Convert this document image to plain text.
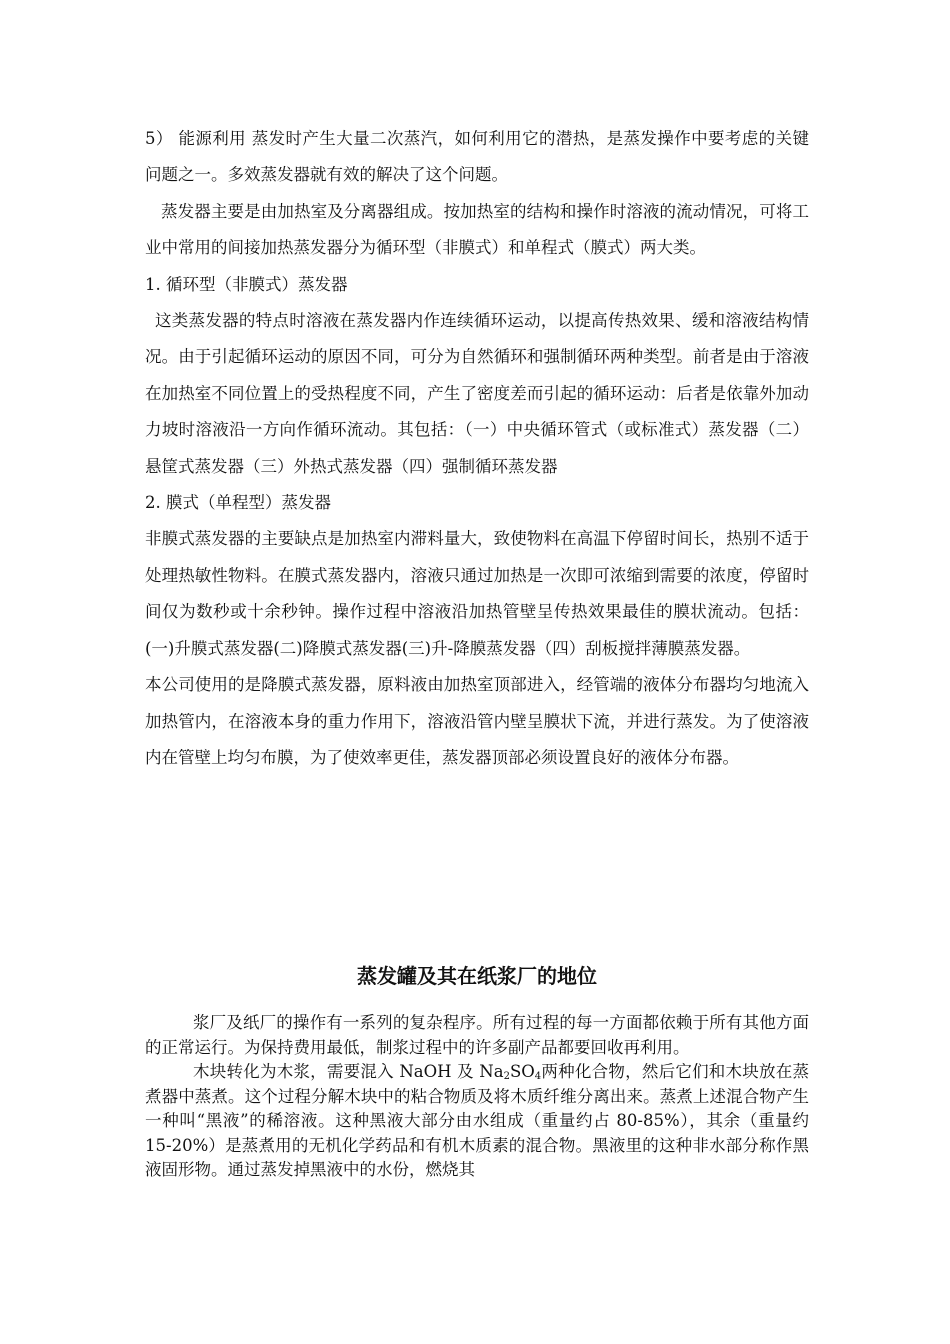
5） 能源利用 蒸发时产生大量二次蒸汽，如何利用它的潜热，是蒸发操作中要考虑的关键问题之一。多效蒸发器就有效的解决了这个问题。

蒸发器主要是由加热室及分离器组成。按加热室的结构和操作时溶液的流动情况，可将工业中常用的间接加热蒸发器分为循环型（非膜式）和单程式（膜式）两大类。

1. 循环型（非膜式）蒸发器

这类蒸发器的特点时溶液在蒸发器内作连续循环运动，以提高传热效果、缓和溶液结构情况。由于引起循环运动的原因不同，可分为自然循环和强制循环两种类型。前者是由于溶液在加热室不同位置上的受热程度不同，产生了密度差而引起的循环运动：后者是依靠外加动力坡时溶液沿一方向作循环流动。其包括：（一）中央循环管式（或标准式）蒸发器（二）悬筐式蒸发器（三）外热式蒸发器（四）强制循环蒸发器

2. 膜式（单程型）蒸发器

非膜式蒸发器的主要缺点是加热室内滞料量大，致使物料在高温下停留时间长，热别不适于处理热敏性物料。在膜式蒸发器内，溶液只通过加热是一次即可浓缩到需要的浓度，停留时间仅为数秒或十余秒钟。操作过程中溶液沿加热管壁呈传热效果最佳的膜状流动。包括：(一)升膜式蒸发器(二)降膜式蒸发器(三)升-降膜蒸发器（四）刮板搅拌薄膜蒸发器。

本公司使用的是降膜式蒸发器，原料液由加热室顶部进入，经管端的液体分布器均匀地流入加热管内，在溶液本身的重力作用下，溶液沿管内壁呈膜状下流，并进行蒸发。为了使溶液内在管壁上均匀布膜，为了使效率更佳，蒸发器顶部必须设置良好的液体分布器。

蒸发罐及其在纸浆厂的地位

浆厂及纸厂的操作有一系列的复杂程序。所有过程的每一方面都依赖于所有其他方面的正常运行。为保持费用最低，制浆过程中的许多副产品都要回收再利用。

木块转化为木浆，需要混入 NaOH 及 $Na_2SO_4$两种化合物，然后它们和木块放在蒸煮器中蒸煮。这个过程分解木块中的粘合物质及将木质纤维分离出来。蒸煮上述混合物产生一种叫“黑液”的稀溶液。这种黑液大部分由水组成（重量约占 80-85%），其余（重量约 15-20%）是蒸煮用的无机化学药品和有机木质素的混合物。黑液里的这种非水部分称作黑液固形物。通过蒸发掉黑液中的水份，燃烧其
